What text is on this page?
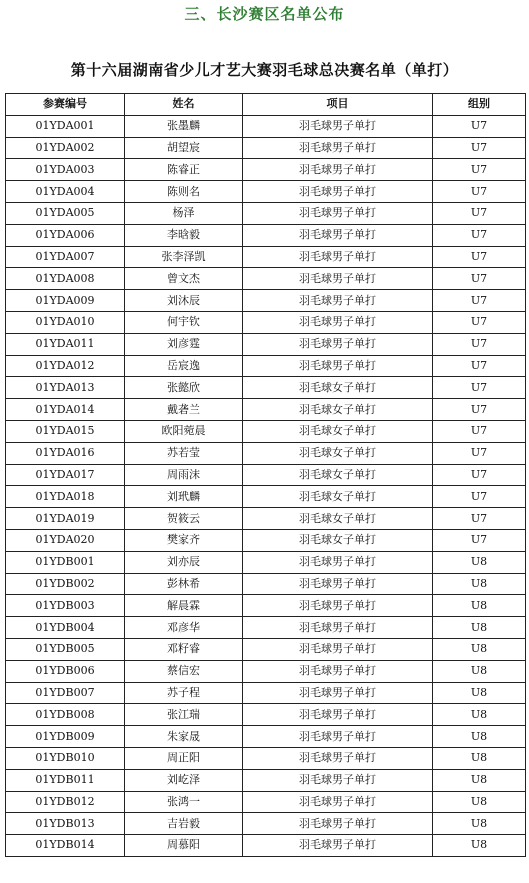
三、长沙赛区名单公布
第十六届湖南省少儿才艺大赛羽毛球总决赛名单（单打）
参赛编号	姓名	项目	组别
01YDA001	张墨麟	羽毛球男子单打	U7
01YDA002	胡望宸	羽毛球男子单打	U7
01YDA003	陈睿正	羽毛球男子单打	U7
01YDA004	陈则名	羽毛球男子单打	U7
01YDA005	杨泽	羽毛球男子单打	U7
01YDA006	李晗毅	羽毛球男子单打	U7
01YDA007	张李泽凯	羽毛球男子单打	U7
01YDA008	曾文杰	羽毛球男子单打	U7
01YDA009	刘沐辰	羽毛球男子单打	U7
01YDA010	何宇钦	羽毛球男子单打	U7
01YDA011	刘彦霆	羽毛球男子单打	U7
01YDA012	岳宸逸	羽毛球男子单打	U7
01YDA013	张懿欣	羽毛球女子单打	U7
01YDA014	戴砻兰	羽毛球女子单打	U7
01YDA015	欧阳菀晨	羽毛球女子单打	U7
01YDA016	苏若莹	羽毛球女子单打	U7
01YDA017	周雨沫	羽毛球女子单打	U7
01YDA018	刘玳麟	羽毛球女子单打	U7
01YDA019	贺筱云	羽毛球女子单打	U7
01YDA020	樊家齐	羽毛球女子单打	U7
01YDB001	刘亦辰	羽毛球男子单打	U8
01YDB002	彭林希	羽毛球男子单打	U8
01YDB003	解晨霖	羽毛球男子单打	U8
01YDB004	邓彦华	羽毛球男子单打	U8
01YDB005	邓籽睿	羽毛球男子单打	U8
01YDB006	蔡信宏	羽毛球男子单打	U8
01YDB007	苏子程	羽毛球男子单打	U8
01YDB008	张江瑞	羽毛球男子单打	U8
01YDB009	朱家晟	羽毛球男子单打	U8
01YDB010	周正阳	羽毛球男子单打	U8
01YDB011	刘屹泽	羽毛球男子单打	U8
01YDB012	张鸿一	羽毛球男子单打	U8
01YDB013	吉岩毅	羽毛球男子单打	U8
01YDB014	周慕阳	羽毛球男子单打	U8
